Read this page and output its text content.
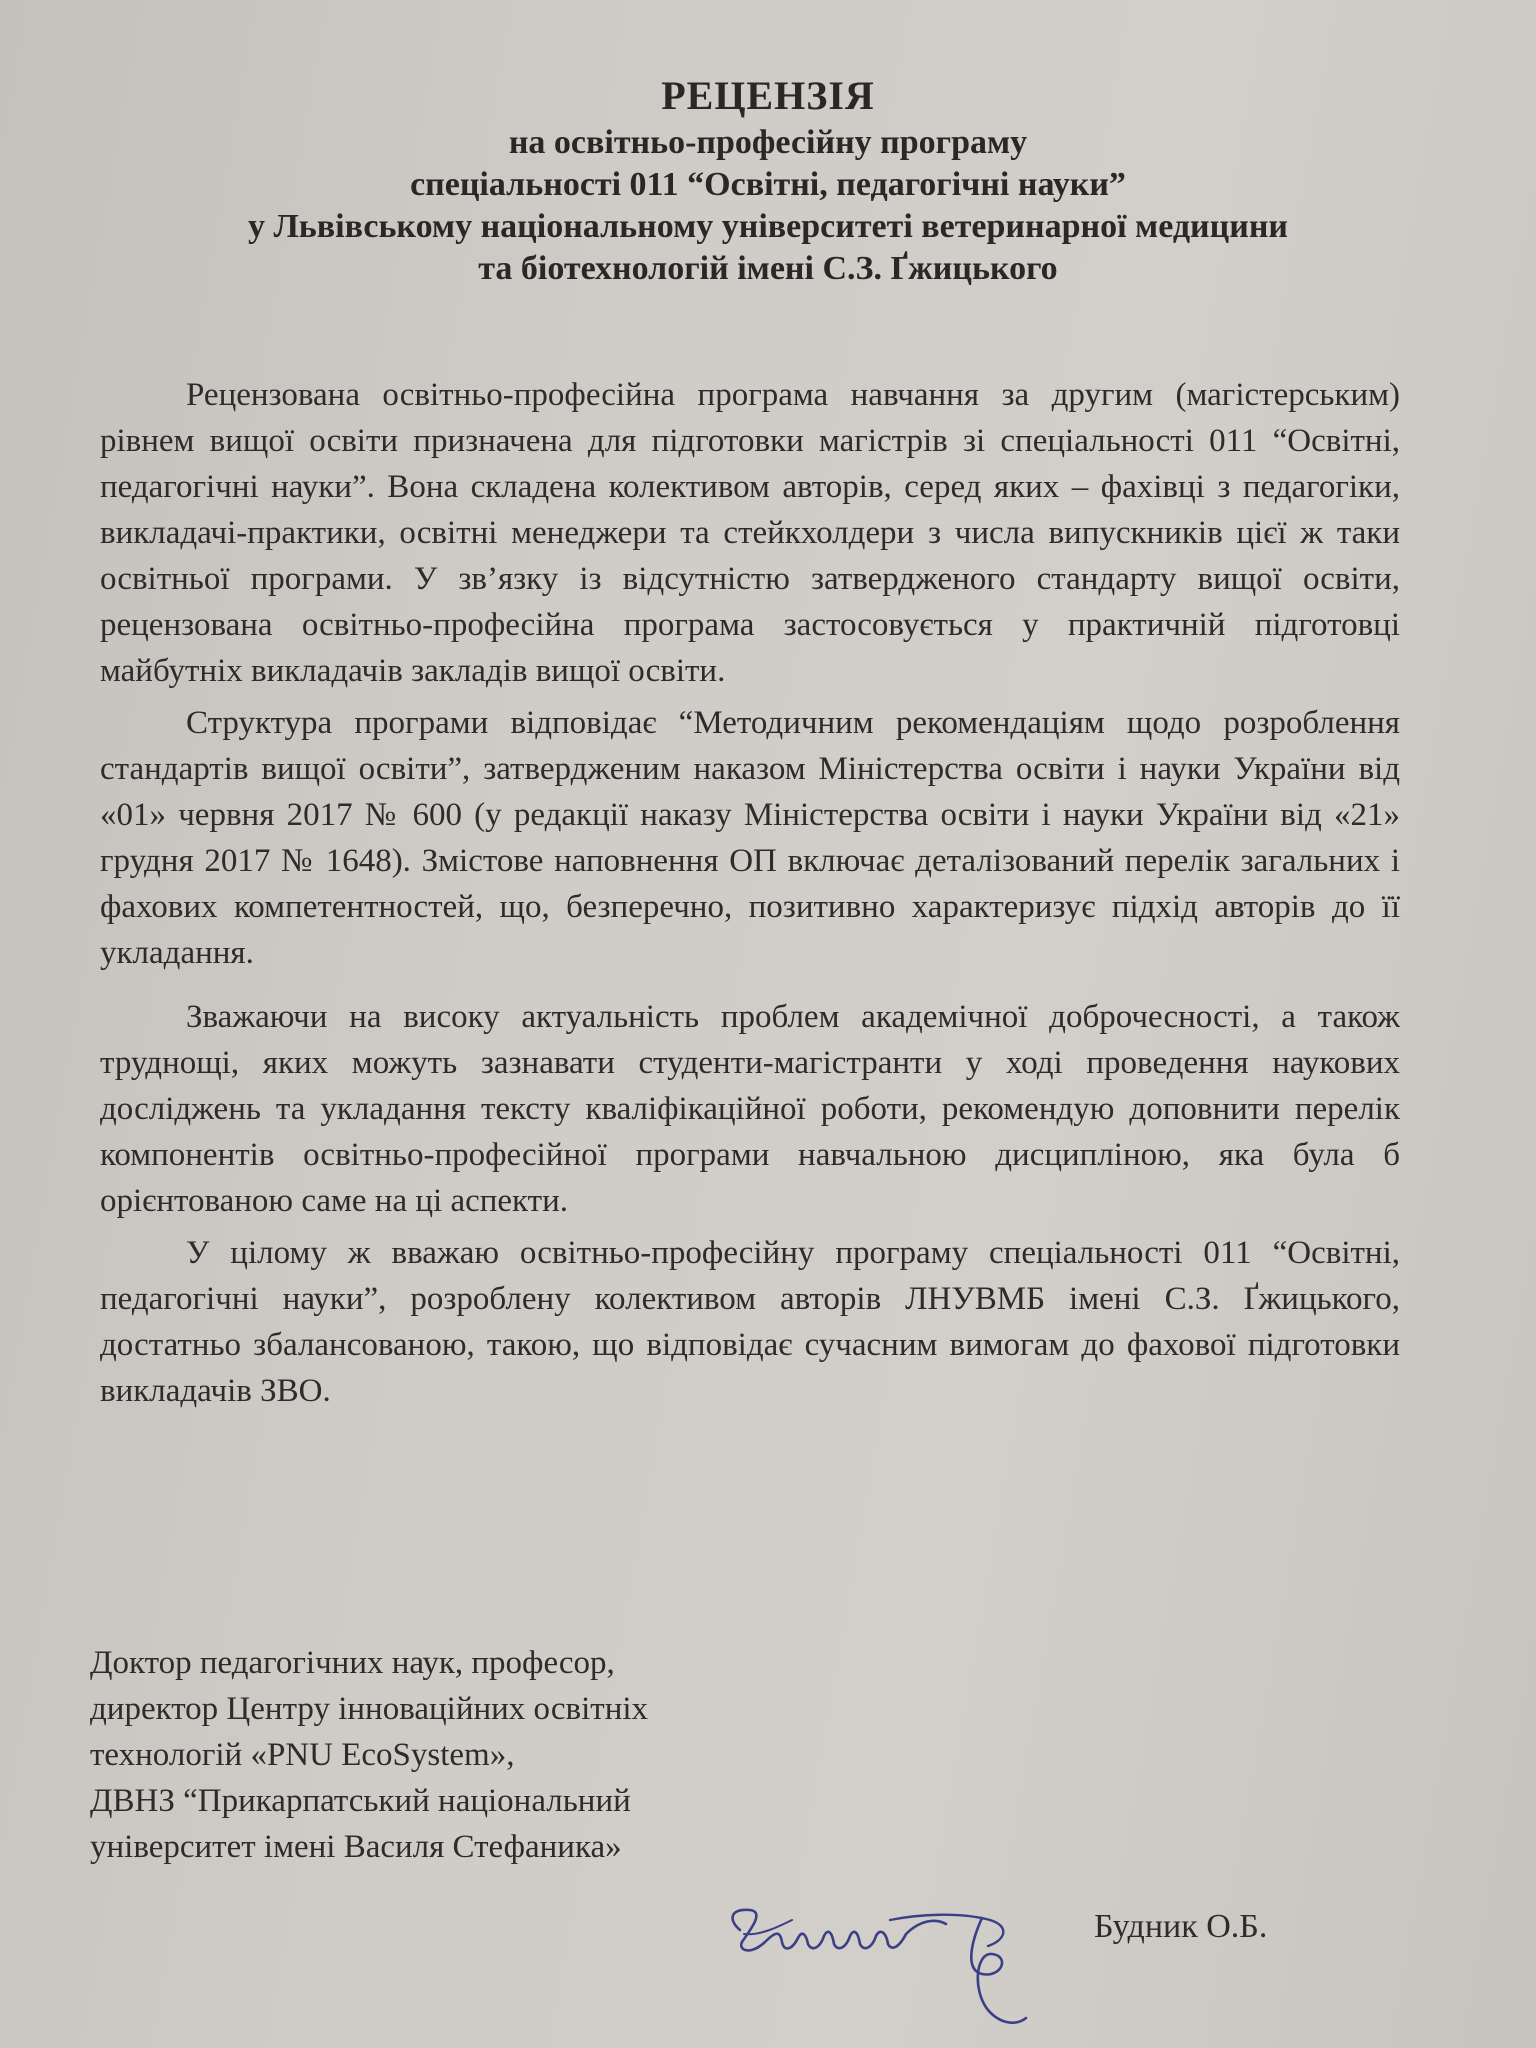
РЕЦЕНЗІЯ
на освітньо-професійну програму
спеціальності 011 “Освітні, педагогічні науки”
у Львівському національному університеті ветеринарної медицини
та біотехнологій імені С.З. Ґжицького

Рецензована освітньо-професійна програма навчання за другим (магістерським) рівнем вищої освіти призначена для підготовки магістрів зі спеціальності 011 “Освітні, педагогічні науки”. Вона складена колективом авторів, серед яких – фахівці з педагогіки, викладачі-практики, освітні менеджери та стейкхолдери з числа випускників цієї ж таки освітньої програми. У зв’язку із відсутністю затвердженого стандарту вищої освіти, рецензована освітньо-професійна програма застосовується у практичній підготовці майбутніх викладачів закладів вищої освіти.

Структура програми відповідає “Методичним рекомендаціям щодо розроблення стандартів вищої освіти”, затвердженим наказом Міністерства освіти і науки України від «01» червня 2017 № 600 (у редакції наказу Міністерства освіти і науки України від «21» грудня 2017 № 1648). Змістове наповнення ОП включає деталізований перелік загальних і фахових компетентностей, що, безперечно, позитивно характеризує підхід авторів до її укладання.

Зважаючи на високу актуальність проблем академічної доброчесності, а також труднощі, яких можуть зазнавати студенти-магістранти у ході проведення наукових досліджень та укладання тексту кваліфікаційної роботи, рекомендую доповнити перелік компонентів освітньо-професійної програми навчальною дисципліною, яка була б орієнтованою саме на ці аспекти.

У цілому ж вважаю освітньо-професійну програму спеціальності 011 “Освітні, педагогічні науки”, розроблену колективом авторів ЛНУВМБ імені С.З. Ґжицького, достатньо збалансованою, такою, що відповідає сучасним вимогам до фахової підготовки викладачів ЗВО.

Доктор педагогічних наук, професор,
директор Центру інноваційних освітніх
технологій «PNU EcoSystem»,
ДВНЗ “Прикарпатський національний
університет імені Василя Стефаника»
Будник О.Б.
